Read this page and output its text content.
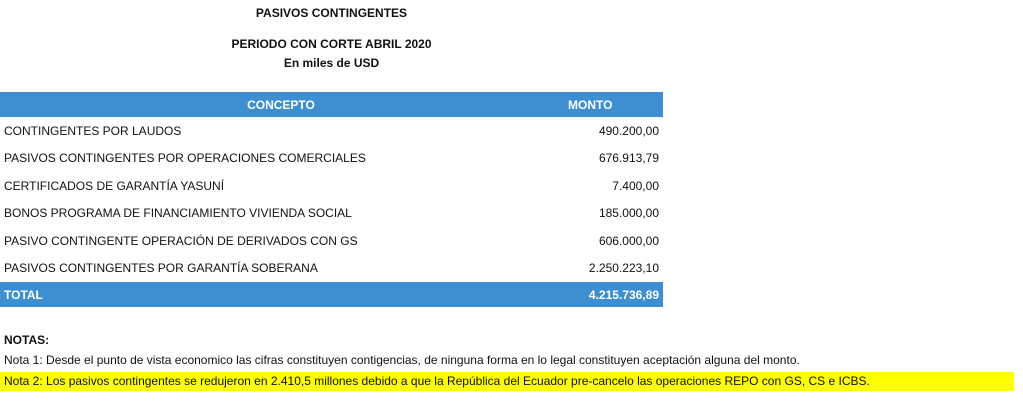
PASIVOS CONTINGENTES
PERIODO CON CORTE ABRIL 2020
En miles de USD
CONCEPTO	MONTO
CONTINGENTES POR LAUDOS	490.200,00
PASIVOS CONTINGENTES POR OPERACIONES COMERCIALES	676.913,79
CERTIFICADOS DE GARANTÍA YASUNÍ	7.400,00
BONOS PROGRAMA DE FINANCIAMIENTO VIVIENDA SOCIAL	185.000,00
PASIVO CONTINGENTE OPERACIÓN DE DERIVADOS CON GS	606.000,00
PASIVOS CONTINGENTES POR GARANTÍA SOBERANA	2.250.223,10
TOTAL	4.215.736,89
NOTAS:
Nota 1: Desde el punto de vista economico las cifras constituyen contigencias, de ninguna forma en lo legal constituyen aceptación alguna del monto.
Nota 2: Los pasivos contingentes se redujeron en 2.410,5 millones debido a que la República del Ecuador pre-cancelo las operaciones REPO con GS, CS e ICBS.
